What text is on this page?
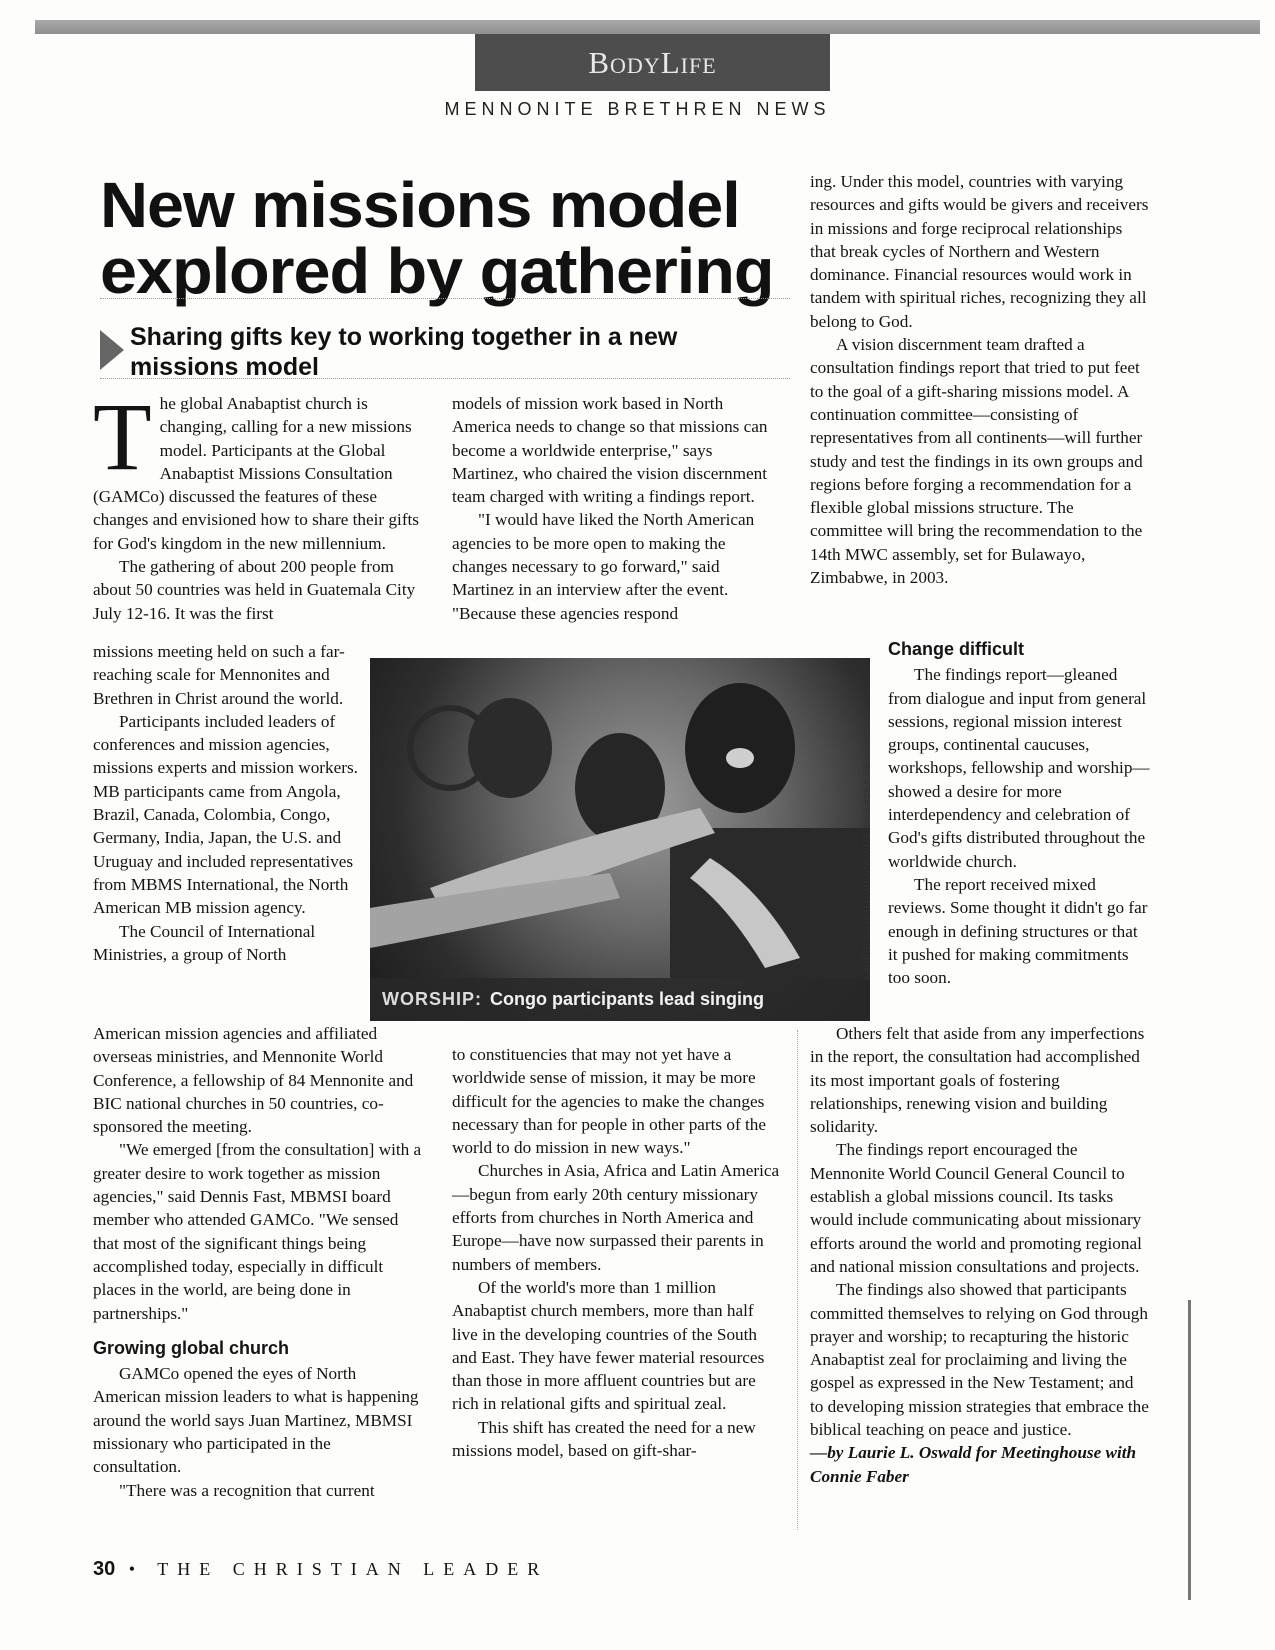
BodyLife
MENNONITE BRETHREN NEWS
New missions model explored by gathering
Sharing gifts key to working together in a new missions model
T he global Anabaptist church is changing, calling for a new missions model. Participants at the Global Anabaptist Missions Consultation (GAMCo) discussed the features of these changes and envisioned how to share their gifts for God's kingdom in the new millennium.

The gathering of about 200 people from about 50 countries was held in Guatemala City July 12-16. It was the first

missions meeting held on such a far-reaching scale for Mennonites and Brethren in Christ around the world.

Participants included leaders of conferences and mission agencies, missions experts and mission workers. MB participants came from Angola, Brazil, Canada, Colombia, Congo, Germany, India, Japan, the U.S. and Uruguay and included representatives from MBMS International, the North American MB mission agency.

The Council of International Ministries, a group of North

American mission agencies and affiliated overseas ministries, and Mennonite World Conference, a fellowship of 84 Mennonite and BIC national churches in 50 countries, co-sponsored the meeting.

"We emerged [from the consultation] with a greater desire to work together as mission agencies," said Dennis Fast, MBMSI board member who attended GAMCo. "We sensed that most of the significant things being accomplished today, especially in difficult places in the world, are being done in partnerships."

Growing global church

GAMCo opened the eyes of North American mission leaders to what is happening around the world says Juan Martinez, MBMSI missionary who participated in the consultation.

"There was a recognition that current

models of mission work based in North America needs to change so that missions can become a worldwide enterprise," says Martinez, who chaired the vision discernment team charged with writing a findings report.

"I would have liked the North American agencies to be more open to making the changes necessary to go forward," said Martinez in an interview after the event. "Because these agencies respond

to constituencies that may not yet have a worldwide sense of mission, it may be more difficult for the agencies to make the changes necessary than for people in other parts of the world to do mission in new ways."

Churches in Asia, Africa and Latin America—begun from early 20th century missionary efforts from churches in North America and Europe—have now surpassed their parents in numbers of members.

Of the world's more than 1 million Anabaptist church members, more than half live in the developing countries of the South and East. They have fewer material resources than those in more affluent countries but are rich in relational gifts and spiritual zeal.

This shift has created the need for a new missions model, based on gift-shar-

ing. Under this model, countries with varying resources and gifts would be givers and receivers in missions and forge reciprocal relationships that break cycles of Northern and Western dominance. Financial resources would work in tandem with spiritual riches, recognizing they all belong to God.

A vision discernment team drafted a consultation findings report that tried to put feet to the goal of a gift-sharing missions model. A continuation committee—consisting of representatives from all continents—will further study and test the findings in its own groups and regions before forging a recommendation for a flexible global missions structure. The committee will bring the recommendation to the 14th MWC assembly, set for Bulawayo, Zimbabwe, in 2003.

Change difficult

The findings report—gleaned from dialogue and input from general sessions, regional mission interest groups, continental caucuses, workshops, fellowship and worship—showed a desire for more interdependency and celebration of God's gifts distributed throughout the worldwide church.

The report received mixed reviews. Some thought it didn't go far enough in defining structures or that it pushed for making commitments too soon.

Others felt that aside from any imperfections in the report, the consultation had accomplished its most important goals of fostering relationships, renewing vision and building solidarity.

The findings report encouraged the Mennonite World Council General Council to establish a global missions council. Its tasks would include communicating about missionary efforts around the world and promoting regional and national mission consultations and projects.

The findings also showed that participants committed themselves to relying on God through prayer and worship; to recapturing the historic Anabaptist zeal for proclaiming and living the gospel as expressed in the New Testament; and to developing mission strategies that embrace the biblical teaching on peace and justice.

—by Laurie L. Oswald for Meetinghouse with Connie Faber

WORSHIP: Congo participants lead singing
LAURIE OSWALD/MENNONITE WEEKLEY REVIEW
30 • THE CHRISTIAN LEADER
